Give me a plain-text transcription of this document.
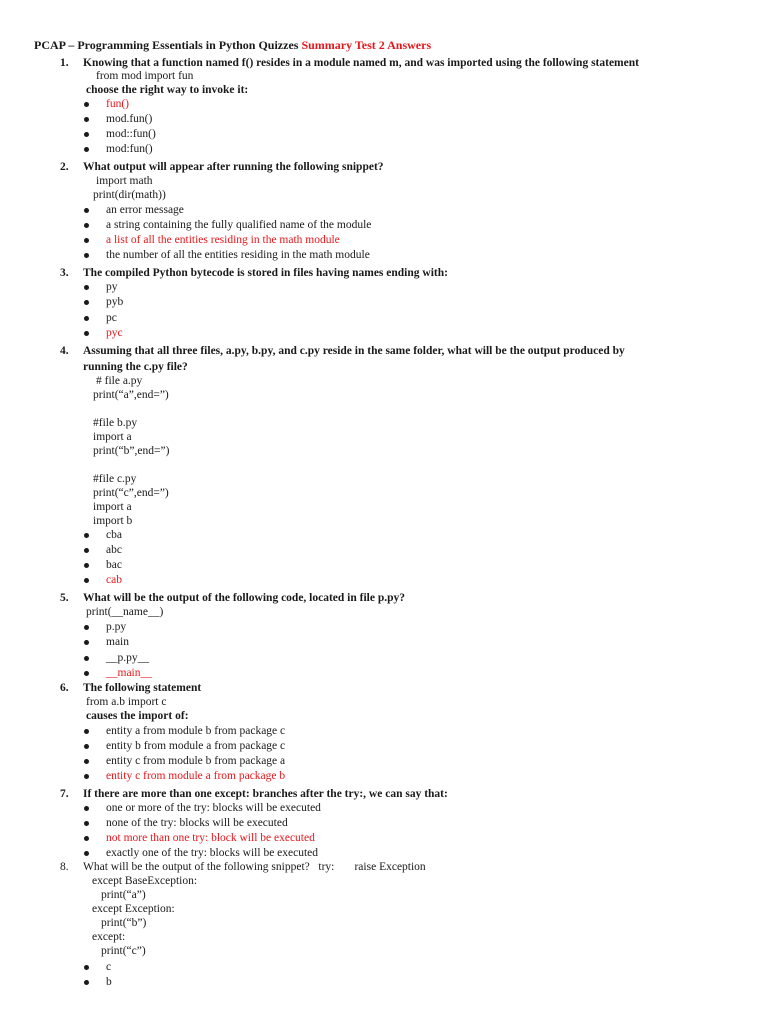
PCAP – Programming Essentials in Python Quizzes Summary Test 2 Answers
1. Knowing that a function named f() resides in a module named m, and was imported using the following statement
from mod import fun
choose the right way to invoke it:
fun()
mod.fun()
mod::fun()
mod:fun()
2. What output will appear after running the following snippet?
import math
print(dir(math))
an error message
a string containing the fully qualified name of the module
a list of all the entities residing in the math module
the number of all the entities residing in the math module
3. The compiled Python bytecode is stored in files having names ending with:
py
pyb
pc
pyc
4. Assuming that all three files, a.py, b.py, and c.py reside in the same folder, what will be the output produced by
running the c.py file?
# file a.py
print(“a”,end=”)
#file b.py
import a
print(“b”,end=”)
#file c.py
print(“c”,end=”)
import a
import b
cba
abc
bac
cab
5. What will be the output of the following code, located in file p.py?
print(__name__)
p.py
main
__p.py__
__main__
6. The following statement
from a.b import c
causes the import of:
entity a from module b from package c
entity b from module a from package c
entity c from module b from package a
entity c from module a from package b
7. If there are more than one except: branches after the try:, we can say that:
one or more of the try: blocks will be executed
none of the try: blocks will be executed
not more than one try: block will be executed
exactly one of the try: blocks will be executed
8. What will be the output of the following snippet?   try:       raise Exception
except BaseException:
print(“a”)
except Exception:
print(“b”)
except:
print(“c”)
c
b
